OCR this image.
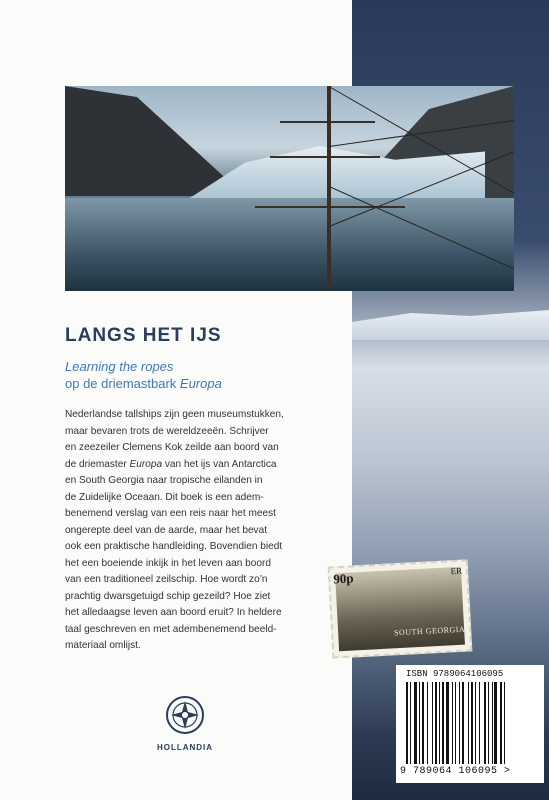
LANGS HET IJS
Learning the ropes
op de driemastbark Europa
Nederlandse tallships zijn geen museumstukken,
maar bevaren trots de wereldzeeën. Schrijver
en zeezeiler Clemens Kok zeilde aan boord van
de driemaster Europa van het ijs van Antarctica
en South Georgia naar tropische eilanden in
de Zuidelijke Oceaan. Dit boek is een adem-
benemend verslag van een reis naar het meest
ongerepte deel van de aarde, maar het bevat
ook een praktische handleiding. Bovendien biedt
het een boeiende inkijk in het leven aan boord
van een traditioneel zeilschip. Hoe wordt zo’n
prachtig dwarsgetuigd schip gezeild? Hoe ziet
het alledaagse leven aan boord eruit? In heldere
taal geschreven en met adembenemend beeld-
materiaal omlijst.
HOLLANDIA
90p	ER
SOUTH GEORGIA
ISBN 9789064106095
9 789064 106095 >
